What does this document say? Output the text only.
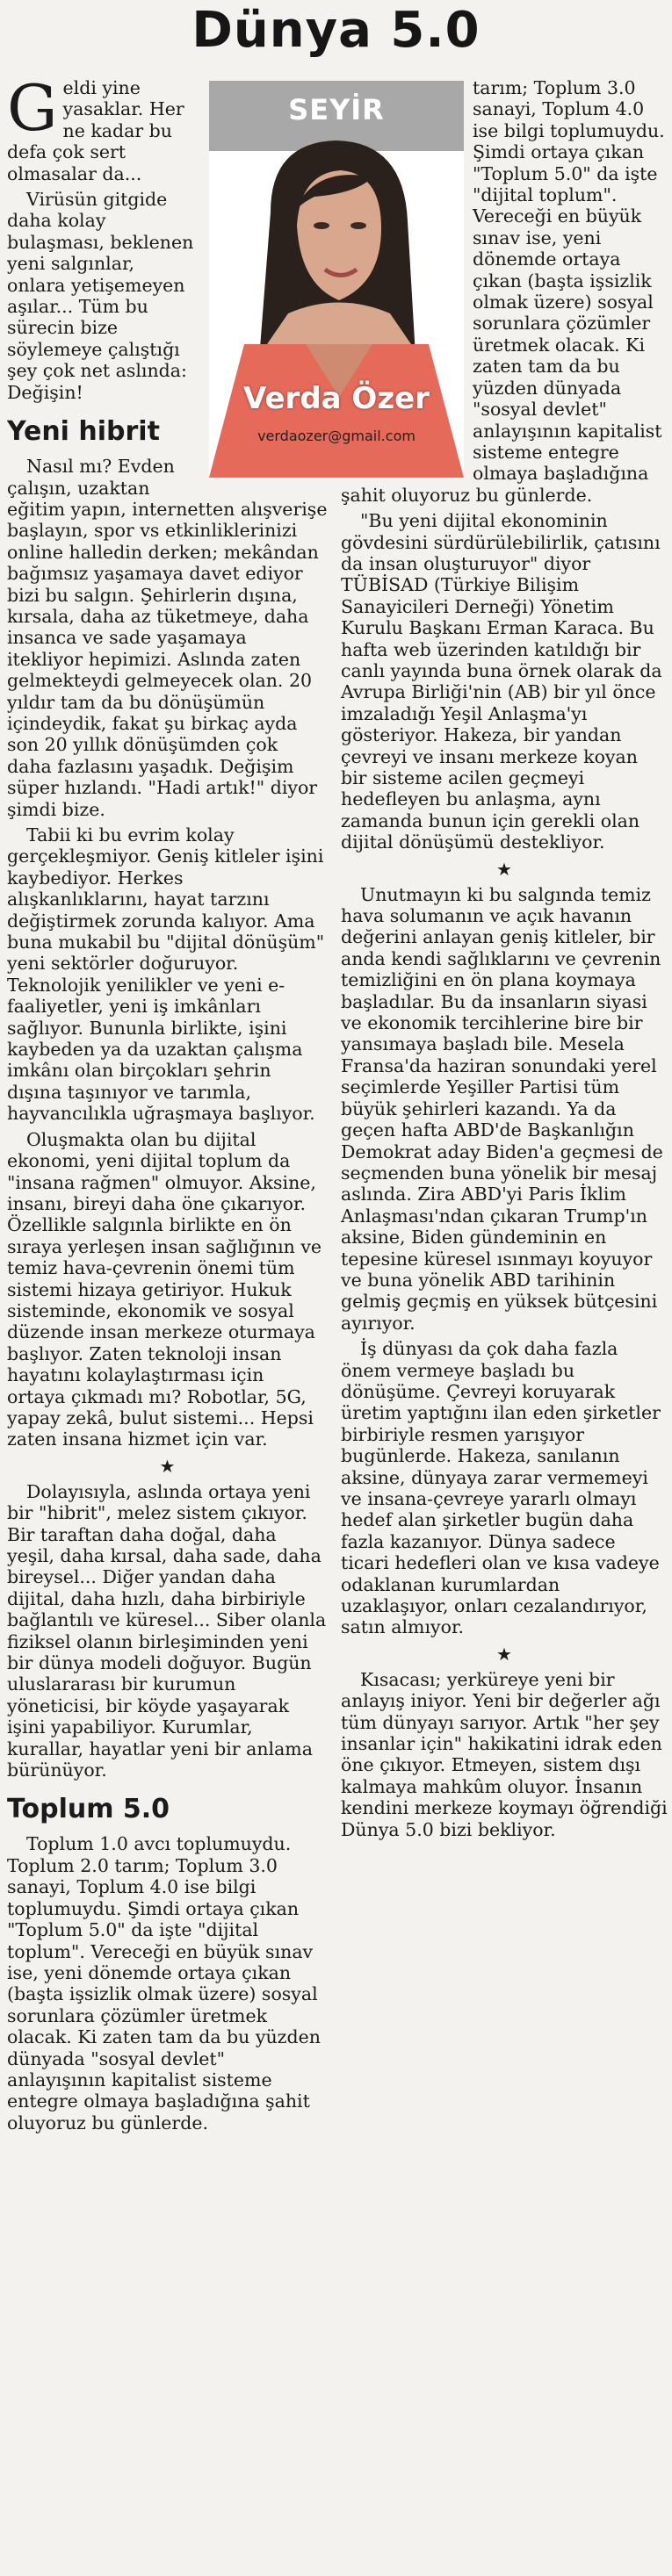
Dünya 5.0
SEYİR
Verda Özer
verdaozer@gmail.com

Geldi yine yasaklar. Her ne kadar bu defa çok sert olmasalar da...

Virüsün gitgide daha kolay bulaşması, beklenen yeni salgınlar, onlara yetişemeyen aşılar... Tüm bu sürecin bize söylemeye çalıştığı şey çok net aslında: Değişin!

Yeni hibrit

Nasıl mı? Evden çalışın, uzaktan eğitim yapın, internetten alışverişe başlayın, spor vs etkinliklerinizi online halledin derken; mekândan bağımsız yaşamaya davet ediyor bizi bu salgın. Şehirlerin dışına, kırsala, daha az tüketmeye, daha insanca ve sade yaşamaya itekliyor hepimizi. Aslında zaten gelmekteydi gelmeyecek olan. 20 yıldır tam da bu dönüşümün içindeydik, fakat şu birkaç ayda son 20 yıllık dönüşümden çok daha fazlasını yaşadık. Değişim süper hızlandı. "Hadi artık!" diyor şimdi bize.

Tabii ki bu evrim kolay gerçekleşmiyor. Geniş kitleler işini kaybediyor. Herkes alışkanlıklarını, hayat tarzını değiştirmek zorunda kalıyor. Ama buna mukabil bu "dijital dönüşüm" yeni sektörler doğuruyor. Teknolojik yenilikler ve yeni e-faaliyetler, yeni iş imkânları sağlıyor. Bununla birlikte, işini kaybeden ya da uzaktan çalışma imkânı olan birçokları şehrin dışına taşınıyor ve tarımla, hayvancılıkla uğraşmaya başlıyor.

Oluşmakta olan bu dijital ekonomi, yeni dijital toplum da "insana rağmen" olmuyor. Aksine, insanı, bireyi daha öne çıkarıyor. Özellikle salgınla birlikte en ön sıraya yerleşen insan sağlığının ve temiz hava-çevrenin önemi tüm sistemi hizaya getiriyor. Hukuk sisteminde, ekonomik ve sosyal düzende insan merkeze oturmaya başlıyor. Zaten teknoloji insan hayatını kolaylaştırması için ortaya çıkmadı mı? Robotlar, 5G, yapay zekâ, bulut sistemi... Hepsi zaten insana hizmet için var.

★

Dolayısıyla, aslında ortaya yeni bir "hibrit", melez sistem çıkıyor. Bir taraftan daha doğal, daha yeşil, daha kırsal, daha sade, daha bireysel... Diğer yandan daha dijital, daha hızlı, daha birbiriyle bağlantılı ve küresel... Siber olanla fiziksel olanın birleşiminden yeni bir dünya modeli doğuyor. Bugün uluslararası bir kurumun yöneticisi, bir köyde yaşayarak işini yapabiliyor. Kurumlar, kurallar, hayatlar yeni bir anlama bürünüyor.

Toplum 5.0

Toplum 1.0 avcı toplumuydu. Toplum 2.0 tarım; Toplum 3.0 sanayi, Toplum 4.0 ise bilgi toplumuydu. Şimdi ortaya çıkan "Toplum 5.0" da işte "dijital toplum". Vereceği en büyük sınav ise, yeni dönemde ortaya çıkan (başta işsizlik olmak üzere) sosyal sorunlara çözümler üretmek olacak. Ki zaten tam da bu yüzden dünyada "sosyal devlet" anlayışının kapitalist sisteme entegre olmaya başladığına şahit oluyoruz bu günlerde.

tarım; Toplum 3.0 sanayi, Toplum 4.0 ise bilgi toplumuydu. Şimdi ortaya çıkan "Toplum 5.0" da işte "dijital toplum". Vereceği en büyük sınav ise, yeni dönemde ortaya çıkan (başta işsizlik olmak üzere) sosyal sorunlara çözümler üretmek olacak. Ki zaten tam da bu yüzden dünyada "sosyal devlet" anlayışının kapitalist sisteme entegre olmaya başladığına şahit oluyoruz bu günlerde.

"Bu yeni dijital ekonominin gövdesini sürdürülebilirlik, çatısını da insan oluşturuyor" diyor TÜBİSAD (Türkiye Bilişim Sanayicileri Derneği) Yönetim Kurulu Başkanı Erman Karaca. Bu hafta web üzerinden katıldığı bir canlı yayında buna örnek olarak da Avrupa Birliği'nin (AB) bir yıl önce imzaladığı Yeşil Anlaşma'yı gösteriyor. Hakeza, bir yandan çevreyi ve insanı merkeze koyan bir sisteme acilen geçmeyi hedefleyen bu anlaşma, aynı zamanda bunun için gerekli olan dijital dönüşümü destekliyor.

★

Unutmayın ki bu salgında temiz hava solumanın ve açık havanın değerini anlayan geniş kitleler, bir anda kendi sağlıklarını ve çevrenin temizliğini en ön plana koymaya başladılar. Bu da insanların siyasi ve ekonomik tercihlerine bire bir yansımaya başladı bile. Mesela Fransa'da haziran sonundaki yerel seçimlerde Yeşiller Partisi tüm büyük şehirleri kazandı. Ya da geçen hafta ABD'de Başkanlığın Demokrat aday Biden'a geçmesi de seçmenden buna yönelik bir mesaj aslında. Zira ABD'yi Paris İklim Anlaşması'ndan çıkaran Trump'ın aksine, Biden gündeminin en tepesine küresel ısınmayı koyuyor ve buna yönelik ABD tarihinin gelmiş geçmiş en yüksek bütçesini ayırıyor.

İş dünyası da çok daha fazla önem vermeye başladı bu dönüşüme. Çevreyi koruyarak üretim yaptığını ilan eden şirketler birbiriyle resmen yarışıyor bugünlerde. Hakeza, sanılanın aksine, dünyaya zarar vermemeyi ve insana-çevreye yararlı olmayı hedef alan şirketler bugün daha fazla kazanıyor. Dünya sadece ticari hedefleri olan ve kısa vadeye odaklanan kurumlardan uzaklaşıyor, onları cezalandırıyor, satın almıyor.

★

Kısacası; yerküreye yeni bir anlayış iniyor. Yeni bir değerler ağı tüm dünyayı sarıyor. Artık "her şey insanlar için" hakikatini idrak eden öne çıkıyor. Etmeyen, sistem dışı kalmaya mahkûm oluyor. İnsanın kendini merkeze koymayı öğrendiği Dünya 5.0 bizi bekliyor.
